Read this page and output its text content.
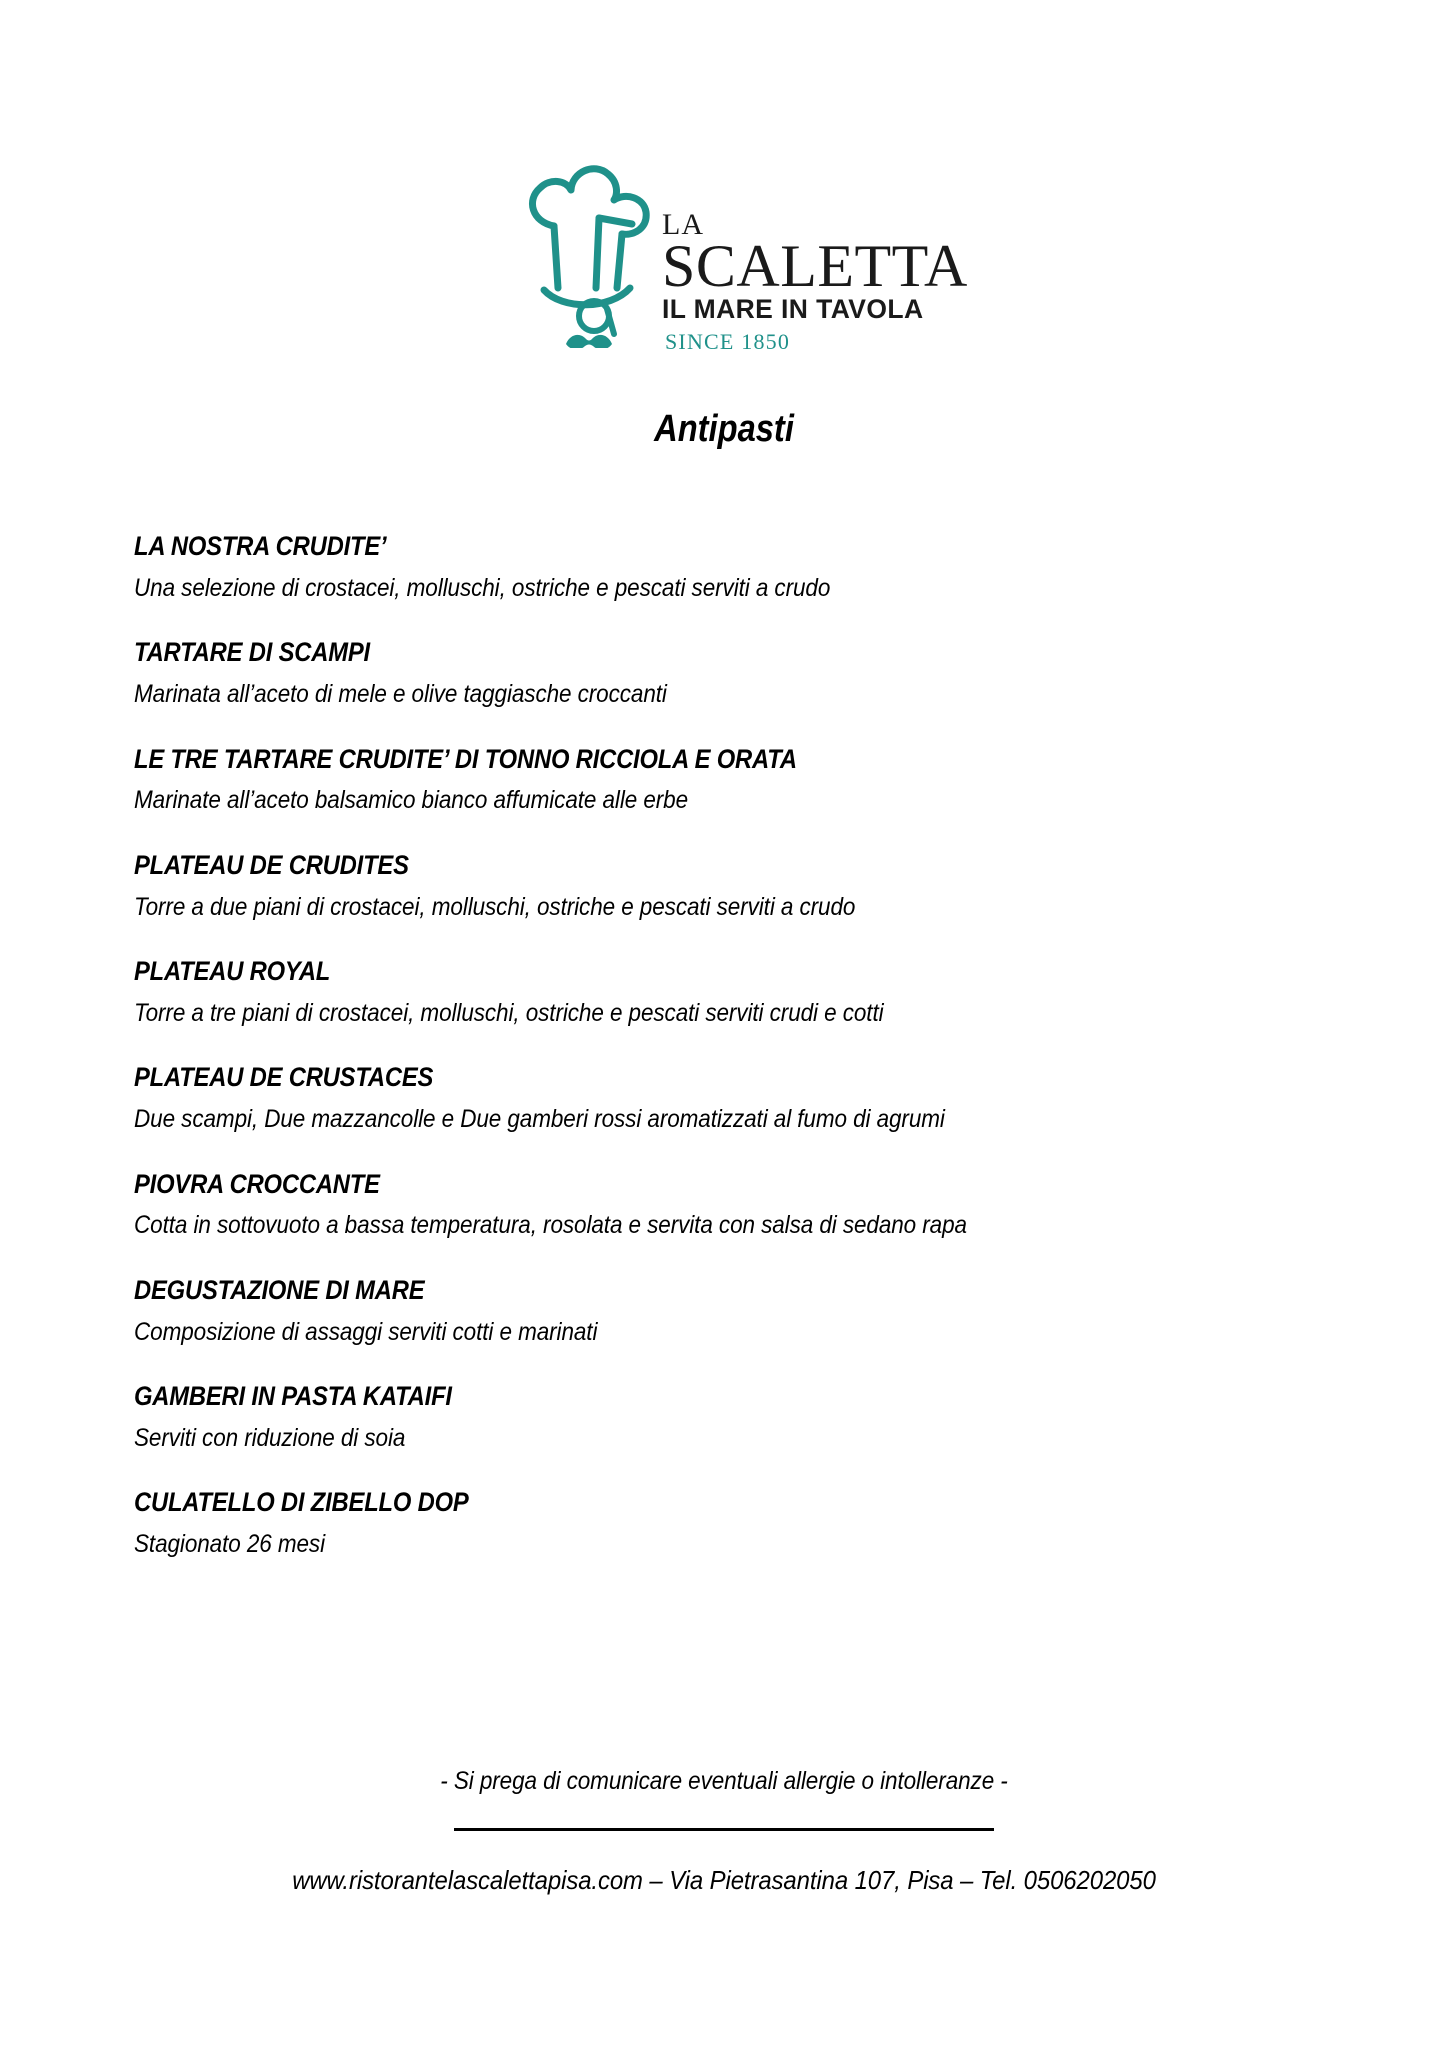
LA
SCALETTA
IL MARE IN TAVOLA
SINCE 1850
Antipasti
LA NOSTRA CRUDITE’
Una selezione di crostacei, molluschi, ostriche e pescati serviti a crudo
TARTARE DI SCAMPI
Marinata all’aceto di mele e olive taggiasche croccanti
LE TRE TARTARE CRUDITE’ DI TONNO RICCIOLA E ORATA
Marinate all’aceto balsamico bianco affumicate alle erbe
PLATEAU DE CRUDITES
Torre a due piani di crostacei, molluschi, ostriche e pescati serviti a crudo
PLATEAU ROYAL
Torre a tre piani di crostacei, molluschi, ostriche e pescati serviti crudi e cotti
PLATEAU DE CRUSTACES
Due scampi, Due mazzancolle e Due gamberi rossi aromatizzati al fumo di agrumi
PIOVRA CROCCANTE
Cotta in sottovuoto a bassa temperatura, rosolata e servita con salsa di sedano rapa
DEGUSTAZIONE DI MARE
Composizione di assaggi serviti cotti e marinati
GAMBERI IN PASTA KATAIFI
Serviti con riduzione di soia
CULATELLO DI ZIBELLO DOP
Stagionato 26 mesi
- Si prega di comunicare eventuali allergie o intolleranze -
www.ristorantelascalettapisa.com – Via Pietrasantina 107, Pisa – Tel. 0506202050
